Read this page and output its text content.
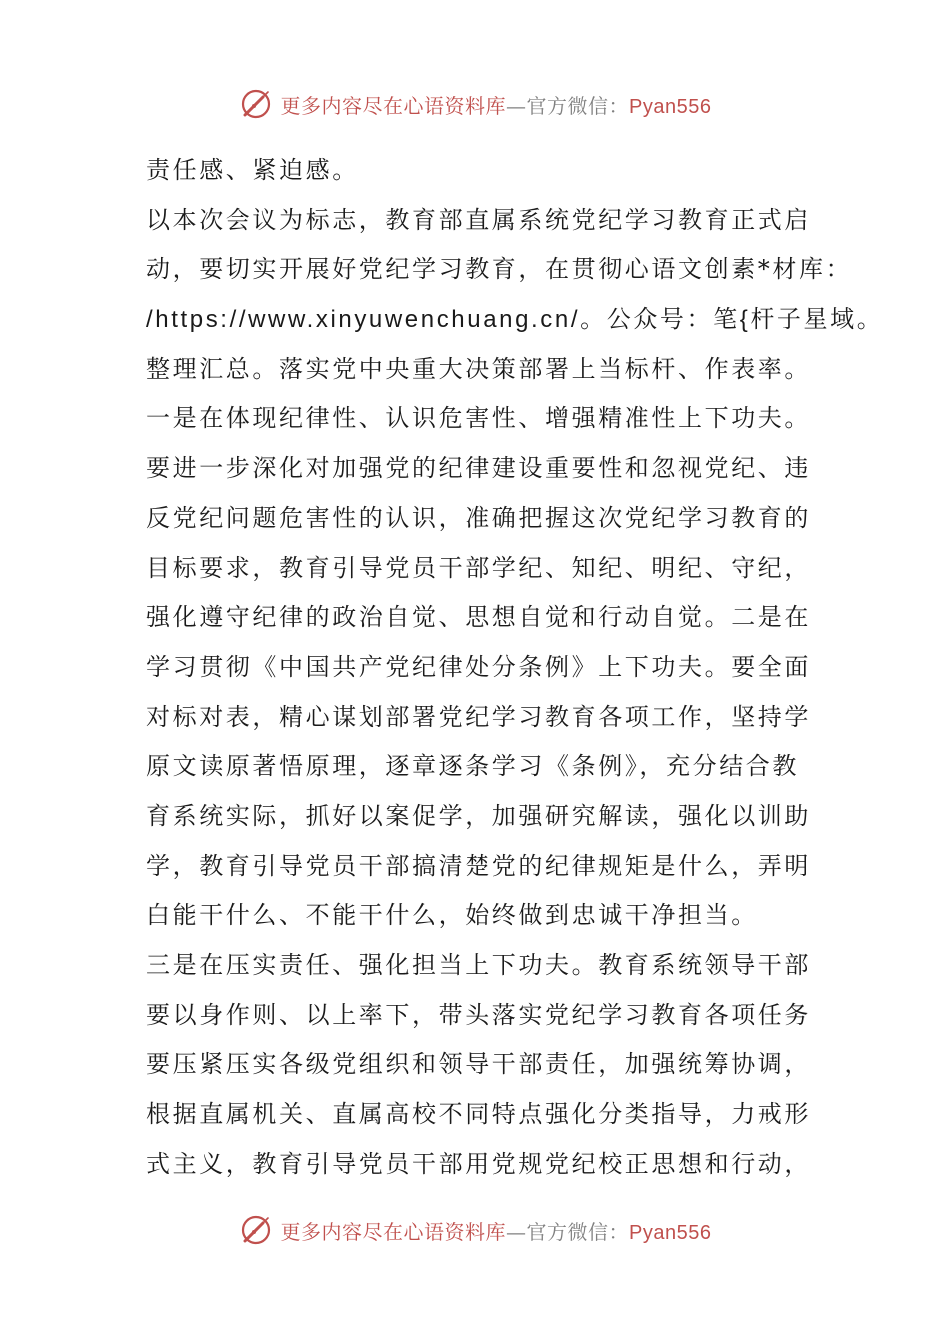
更多内容尽在心语资料库—官方微信：Pyan556
责任感、紧迫感。
以本次会议为标志，教育部直属系统党纪学习教育正式启
动，要切实开展好党纪学习教育，在贯彻心语文创素*材库：
/https://www.xinyuwenchuang.cn/。公众号：笔{杆子星域。
整理汇总。落实党中央重大决策部署上当标杆、作表率。
一是在体现纪律性、认识危害性、增强精准性上下功夫。
要进一步深化对加强党的纪律建设重要性和忽视党纪、违
反党纪问题危害性的认识，准确把握这次党纪学习教育的
目标要求，教育引导党员干部学纪、知纪、明纪、守纪，
强化遵守纪律的政治自觉、思想自觉和行动自觉。二是在
学习贯彻《中国共产党纪律处分条例》上下功夫。要全面
对标对表，精心谋划部署党纪学习教育各项工作，坚持学
原文读原著悟原理，逐章逐条学习《条例》，充分结合教
育系统实际，抓好以案促学，加强研究解读，强化以训助
学，教育引导党员干部搞清楚党的纪律规矩是什么，弄明
白能干什么、不能干什么，始终做到忠诚干净担当。
三是在压实责任、强化担当上下功夫。教育系统领导干部
要以身作则、以上率下，带头落实党纪学习教育各项任务
要压紧压实各级党组织和领导干部责任，加强统筹协调，
根据直属机关、直属高校不同特点强化分类指导，力戒形
式主义，教育引导党员干部用党规党纪校正思想和行动，
更多内容尽在心语资料库—官方微信：Pyan556
